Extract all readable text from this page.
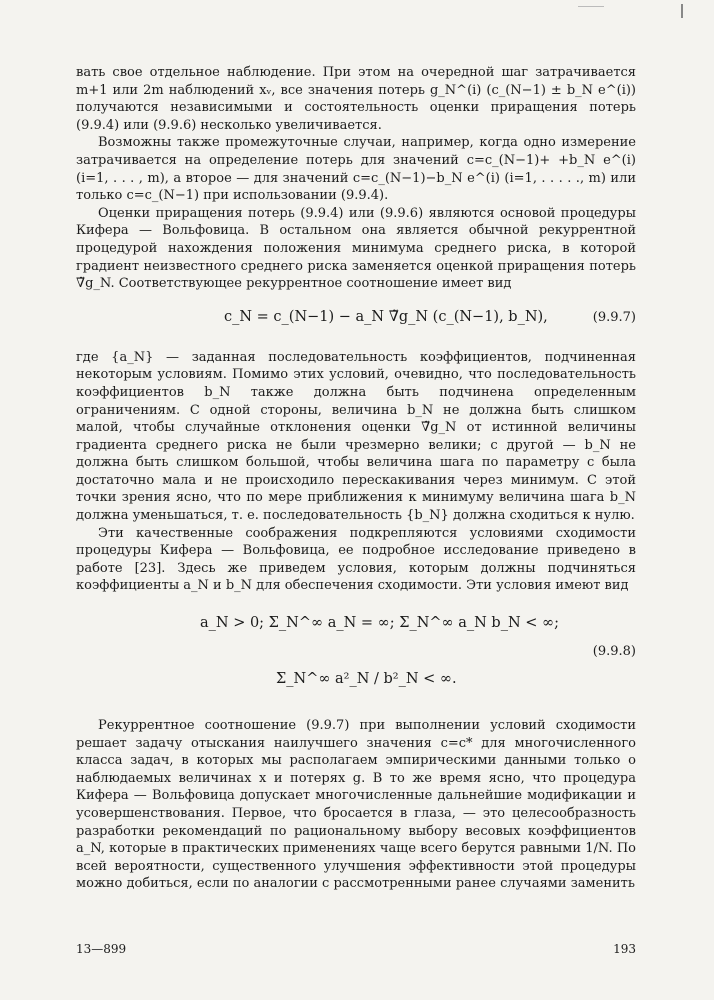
вать свое отдельное наблюдение. При этом на очередной шаг затрачивается m+1 или 2m наблюдений xᵥ, все значения потерь g_N^(i) (c_(N−1) ± b_N e^(i)) получаются независимыми и состоятельность оценки приращения потерь (9.9.4) или (9.9.6) несколько увеличивается.

Возможны также промежуточные случаи, например, когда одно измерение затрачивается на определение потерь для значений c=c_(N−1)+ +b_N e^(i) (i=1, . . . , m), а второе — для значений c=c_(N−1)−b_N e^(i) (i=1, . . . . ., m) или только c=c_(N−1) при использовании (9.9.4).

Оценки приращения потерь (9.9.4) или (9.9.6) являются основой процедуры Кифера — Вольфовица. В остальном она является обычной рекуррентной процедурой нахождения положения минимума среднего риска, в которой градиент неизвестного среднего риска заменяется оценкой приращения потерь ∇̃g_N. Соответствующее рекуррентное соотношение имеет вид

c_N = c_(N−1) − a_N ∇̃g_N (c_(N−1), b_N),	(9.9.7)

где {a_N} — заданная последовательность коэффициентов, подчиненная некоторым условиям. Помимо этих условий, очевидно, что последовательность коэффициентов b_N также должна быть подчинена определенным ограничениям. С одной стороны, величина b_N не должна быть слишком малой, чтобы случайные отклонения оценки ∇̃g_N от истинной величины градиента среднего риска не были чрезмерно велики; с другой — b_N не должна быть слишком большой, чтобы величина шага по параметру c была достаточно мала и не происходило перескакивания через минимум. С этой точки зрения ясно, что по мере приближения к минимуму величина шага b_N должна уменьшаться, т. е. последовательность {b_N} должна сходиться к нулю.

Эти качественные соображения подкрепляются условиями сходимости процедуры Кифера — Вольфовица, ее подробное исследование приведено в работе [23]. Здесь же приведем условия, которым должны подчиняться коэффициенты a_N и b_N для обеспечения сходимости. Эти условия имеют вид

a_N > 0; Σ_N^∞ a_N = ∞; Σ_N^∞ a_N b_N < ∞;
Σ_N^∞ a²_N / b²_N < ∞.
(9.9.8)

Рекуррентное соотношение (9.9.7) при выполнении условий сходимости решает задачу отыскания наилучшего значения c=c* для многочисленного класса задач, в которых мы располагаем эмпирическими данными только о наблюдаемых величинах x и потерях g. В то же время ясно, что процедура Кифера — Вольфовица допускает многочисленные дальнейшие модификации и усовершенствования. Первое, что бросается в глаза, — это целесообразность разработки рекомендаций по рациональному выбору весовых коэффициентов a_N, которые в практических применениях чаще всего берутся равными 1/N. По всей вероятности, существенного улучшения эффективности этой процедуры можно добиться, если по аналогии с рассмотренными ранее случаями заменить

13—899	193
